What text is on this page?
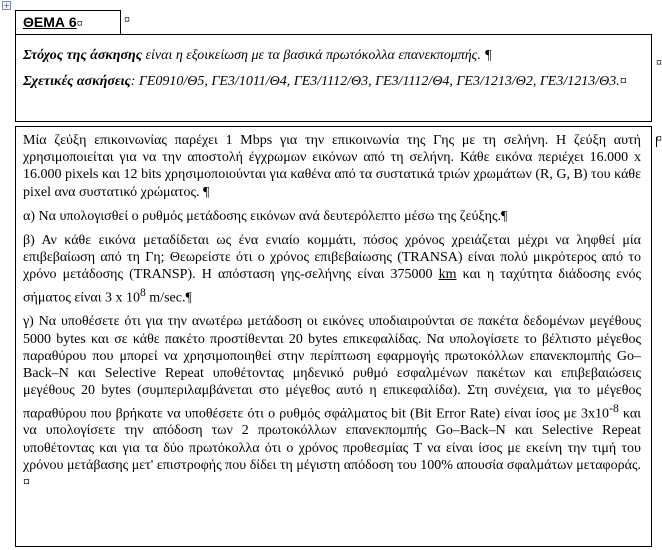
+
ΘΕΜΑ 6¤	¤

Στόχος της άσκησης είναι η εξοικείωση με τα βασικά πρωτόκολλα επανεκπομπής. ¶

Σχετικές ασκήσεις: ΓΕ0910/Θ5, ΓΕ3/1011/Θ4, ΓΕ3/1112/Θ3, ΓΕ3/1112/Θ4, ΓΕ3/1213/Θ2, ΓΕ3/1213/Θ3.¤

¤

Μία ζεύξη επικοινωνίας παρέχει 1 Mbps για την επικοινωνία της Γης με τη σελήνη. Η ζεύξη αυτή χρησιμοποιείται για να την αποστολή έγχρωμων εικόνων από τη σελήνη. Κάθε εικόνα περιέχει 16.000 x 16.000 pixels και 12 bits χρησιμοποιούνται για καθένα από τα συστατικά τριών χρωμάτων (R, G, B) του κάθε pixel ανα συστατικό χρώματος. ¶

α) Να υπολογισθεί ο ρυθμός μετάδοσης εικόνων ανά δευτερόλεπτο μέσω της ζεύξης.¶

β) Αν κάθε εικόνα μεταδίδεται ως ένα ενιαίο κομμάτι, πόσος χρόνος χρειάζεται μέχρι να ληφθεί μία επιβεβαίωση από τη Γη; Θεωρείστε ότι ο χρόνος επιβεβαίωσης (TRANSA) είναι πολύ μικρότερος από το χρόνο μετάδοσης (TRANSP). Η απόσταση γης-σελήνης είναι 375000 km και η ταχύτητα διάδοσης ενός σήματος είναι 3 x $10^8$ m/sec.¶

γ) Να υποθέσετε ότι για την ανωτέρω μετάδοση οι εικόνες υποδιαιρούνται σε πακέτα δεδομένων μεγέθους 5000 bytes και σε κάθε πακέτο προστίθενται 20 bytes επικεφαλίδας. Να υπολογίσετε το βέλτιστο μέγεθος παραθύρου που μπορεί να χρησιμοποιηθεί στην περίπτωση εφαρμογής πρωτοκόλλων επανεκπομπής Go–Back–N και Selective Repeat υποθέτοντας μηδενικό ρυθμό εσφαλμένων πακέτων και επιβεβαιώσεις μεγέθους 20 bytes (συμπεριλαμβάνεται στο μέγεθος αυτό η επικεφαλίδα). Στη συνέχεια, για το μέγεθος παραθύρου που βρήκατε να υποθέσετε ότι ο ρυθμός σφάλματος bit (Bit Error Rate) είναι ίσος με $3x10^{-8}$ και να υπολογίσετε την απόδοση των 2 πρωτοκόλλων επανεκπομπής Go–Back–N και Selective Repeat υποθέτοντας και για τα δύο πρωτόκολλα ότι ο χρόνος προθεσμίας T να είναι ίσος με εκείνη την τιμή του χρόνου μετάβασης μετ' επιστροφής που δίδει τη μέγιστη απόδοση του 100% απουσία σφαλμάτων μεταφοράς.¤

¤
